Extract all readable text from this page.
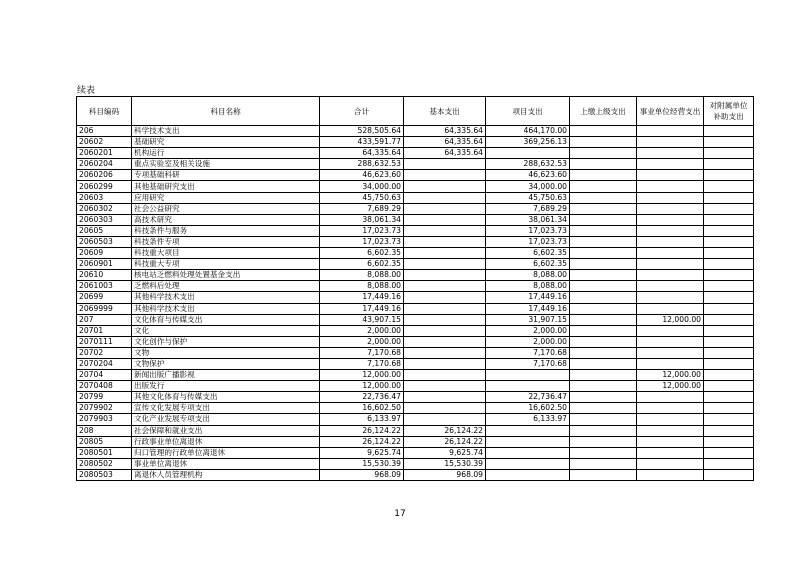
续表
科目编码	科目名称	合计	基本支出	项目支出	上缴上级支出	事业单位经营支出	对附属单位补助支出
206	科学技术支出	528,505.64	64,335.64	464,170.00			
20602	基础研究	433,591.77	64,335.64	369,256.13			
2060201	机构运行	64,335.64	64,335.64				
2060204	重点实验室及相关设施	288,632.53		288,632.53			
2060206	专项基础科研	46,623.60		46,623.60			
2060299	其他基础研究支出	34,000.00		34,000.00			
20603	应用研究	45,750.63		45,750.63			
2060302	社会公益研究	7,689.29		7,689.29			
2060303	高技术研究	38,061.34		38,061.34			
20605	科技条件与服务	17,023.73		17,023.73			
2060503	科技条件专项	17,023.73		17,023.73			
20609	科技重大项目	6,602.35		6,602.35			
2060901	科技重大专项	6,602.35		6,602.35			
20610	核电站乏燃料处理处置基金支出	8,088.00		8,088.00			
2061003	乏燃料后处理	8,088.00		8,088.00			
20699	其他科学技术支出	17,449.16		17,449.16			
2069999	其他科学技术支出	17,449.16		17,449.16			
207	文化体育与传媒支出	43,907.15		31,907.15		12,000.00	
20701	文化	2,000.00		2,000.00			
2070111	文化创作与保护	2,000.00		2,000.00			
20702	文物	7,170.68		7,170.68			
2070204	文物保护	7,170.68		7,170.68			
20704	新闻出版广播影视	12,000.00				12,000.00	
2070408	出版发行	12,000.00				12,000.00	
20799	其他文化体育与传媒支出	22,736.47		22,736.47			
2079902	宣传文化发展专项支出	16,602.50		16,602.50			
2079903	文化产业发展专项支出	6,133.97		6,133.97			
208	社会保障和就业支出	26,124.22	26,124.22				
20805	行政事业单位离退休	26,124.22	26,124.22				
2080501	归口管理的行政单位离退休	9,625.74	9,625.74				
2080502	事业单位离退休	15,530.39	15,530.39				
2080503	离退休人员管理机构	968.09	968.09				
17
